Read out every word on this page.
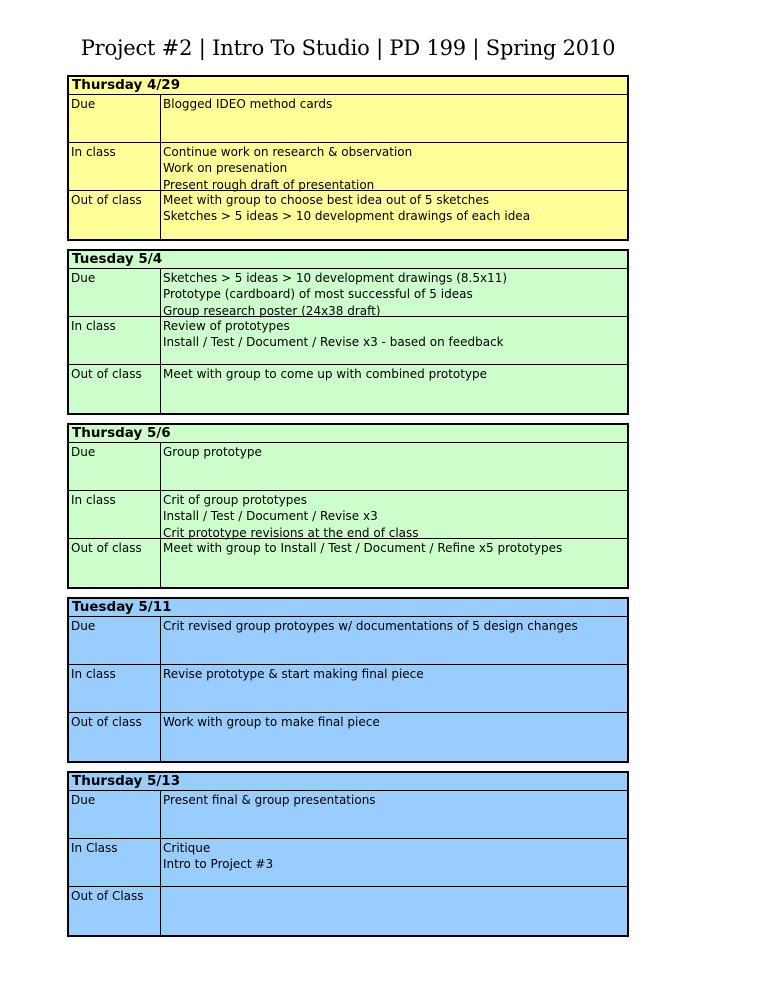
Project #2 | Intro To Studio | PD 199 | Spring 2010
Thursday 4/29
Due	Blogged IDEO method cards
In class	Continue work on research & observation
Work on presenation
Present rough draft of presentation
Out of class	Meet with group to choose best idea out of 5 sketches
Sketches > 5 ideas > 10 development drawings of each idea
Tuesday 5/4
Due	Sketches > 5 ideas > 10 development drawings (8.5x11)
Prototype (cardboard) of most successful of 5 ideas
Group research poster (24x38 draft)
In class	Review of prototypes
Install / Test / Document / Revise x3 - based on feedback
Out of class	Meet with group to come up with combined prototype
Thursday 5/6
Due	Group prototype
In class	Crit of group prototypes
Install / Test / Document / Revise x3
Crit prototype revisions at the end of class
Out of class	Meet with group to Install / Test / Document / Refine x5 prototypes
Tuesday 5/11
Due	Crit revised group protoypes w/ documentations of 5 design changes
In class	Revise prototype & start making final piece
Out of class	Work with group to make final piece
Thursday 5/13
Due	Present final & group presentations
In Class	Critique
Intro to Project #3
Out of Class
